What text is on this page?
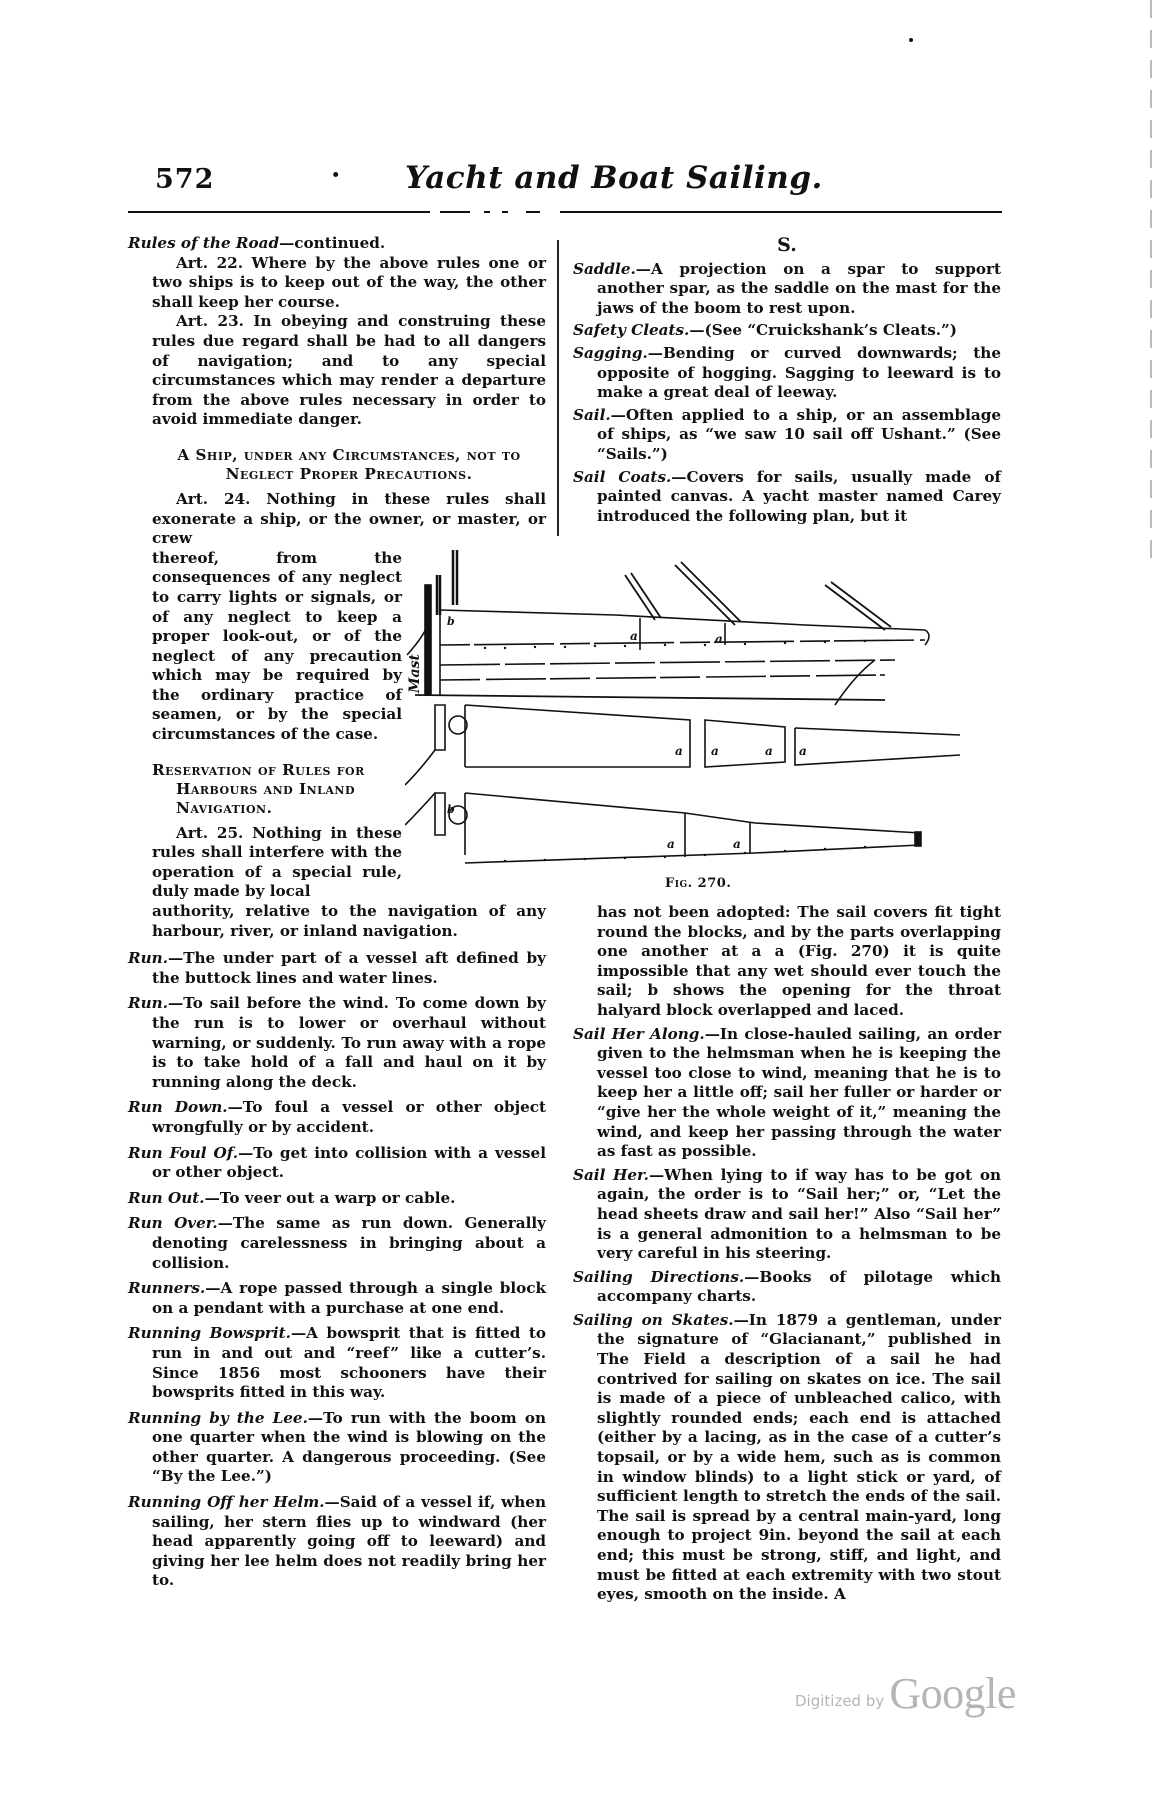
572	· Yacht and Boat Sailing.
Rules of the Road—continued.

Art. 22. Where by the above rules one or two ships is to keep out of the way, the other shall keep her course.

Art. 23. In obeying and construing these rules due regard shall be had to all dangers of navigation; and to any special circumstances which may render a departure from the above rules necessary in order to avoid immediate danger.

A Ship, under any Circumstances, not to Neglect Proper Precautions.

Art. 24. Nothing in these rules shall exonerate a ship, or the owner, or master, or crew

thereof, from the consequences of any neglect to carry lights or signals, or of any neglect to keep a proper look-out, or of the neglect of any precaution which may be required by the ordinary practice of seamen, or by the special circumstances of the case.

Reservation of Rules for Harbours and Inland Navigation.

Art. 25. Nothing in these rules shall interfere with the operation of a special rule, duly made by local

authority, relative to the navigation of any harbour, river, or inland navigation.

Run.—The under part of a vessel aft defined by the buttock lines and water lines.
Run.—To sail before the wind. To come down by the run is to lower or overhaul without warning, or suddenly. To run away with a rope is to take hold of a fall and haul on it by running along the deck.
Run Down.—To foul a vessel or other object wrongfully or by accident.
Run Foul Of.—To get into collision with a vessel or other object.
Run Out.—To veer out a warp or cable.
Run Over.—The same as run down. Generally denoting carelessness in bringing about a collision.
Runners.—A rope passed through a single block on a pendant with a purchase at one end.
Running Bowsprit.—A bowsprit that is fitted to run in and out and “reef” like a cutter’s. Since 1856 most schooners have their bowsprits fitted in this way.
Running by the Lee.—To run with the boom on one quarter when the wind is blowing on the other quarter. A dangerous proceeding. (See “By the Lee.”)
Running Off her Helm.—Said of a vessel if, when sailing, her stern flies up to windward (her head apparently going off to leeward) and giving her lee helm does not readily bring her to.
S.
Saddle.—A projection on a spar to support another spar, as the saddle on the mast for the jaws of the boom to rest upon.
Safety Cleats.—(See “Cruickshank’s Cleats.”)
Sagging.—Bending or curved downwards; the opposite of hogging. Sagging to leeward is to make a great deal of leeway.
Sail.—Often applied to a ship, or an assemblage of ships, as “we saw 10 sail off Ushant.” (See “Sails.”)
Sail Coats.—Covers for sails, usually made of painted canvas. A yacht master named Carey introduced the following plan, but it
Mast
b
a	a
a a	a a
b
a	a
Fig. 270.

has not been adopted: The sail covers fit tight round the blocks, and by the parts overlapping one another at a a (Fig. 270) it is quite impossible that any wet should ever touch the sail; b shows the opening for the throat halyard block overlapped and laced.

Sail Her Along.—In close-hauled sailing, an order given to the helmsman when he is keeping the vessel too close to wind, meaning that he is to keep her a little off; sail her fuller or harder or “give her the whole weight of it,” meaning the wind, and keep her passing through the water as fast as possible.
Sail Her.—When lying to if way has to be got on again, the order is to “Sail her;” or, “Let the head sheets draw and sail her!” Also “Sail her” is a general admonition to a helmsman to be very careful in his steering.
Sailing Directions.—Books of pilotage which accompany charts.
Sailing on Skates.—In 1879 a gentleman, under the signature of “Glacianant,” published in The Field a description of a sail he had contrived for sailing on skates on ice. The sail is made of a piece of unbleached calico, with slightly rounded ends; each end is attached (either by a lacing, as in the case of a cutter’s topsail, or by a wide hem, such as is common in window blinds) to a light stick or yard, of sufficient length to stretch the ends of the sail. The sail is spread by a central main-yard, long enough to project 9in. beyond the sail at each end; this must be strong, stiff, and light, and must be fitted at each extremity with two stout eyes, smooth on the inside. A
Digitized by Google
